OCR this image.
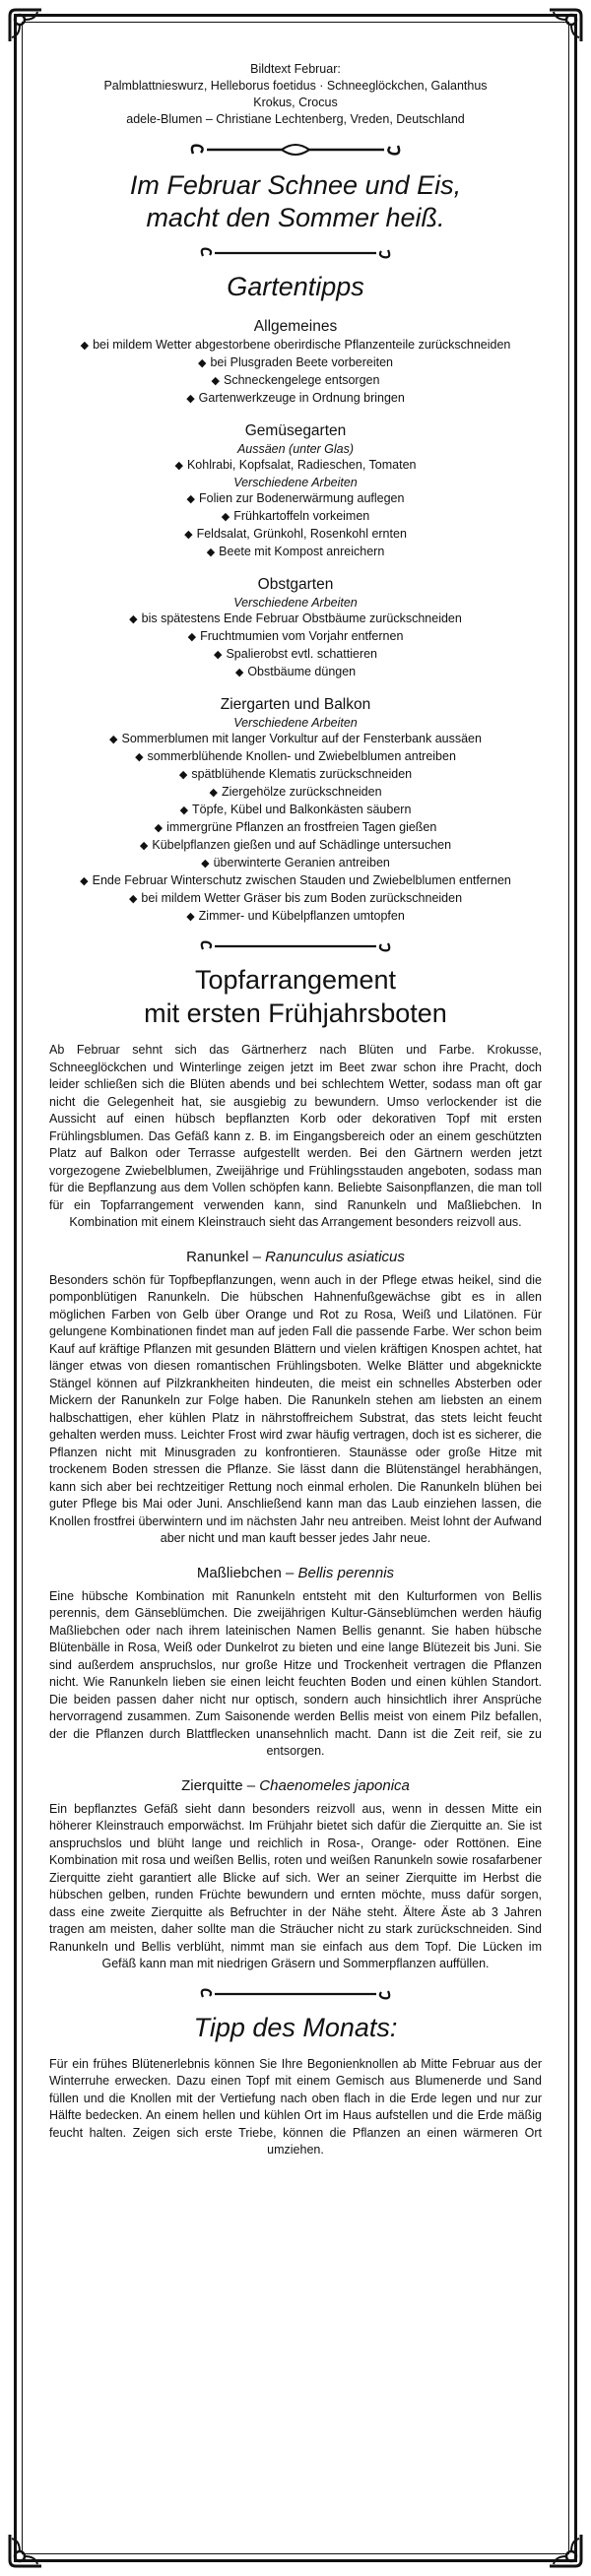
Bildtext Februar:
Palmblattnieswurz, Helleborus foetidus · Schneeglöckchen, Galanthus
Krokus, Crocus
adele-Blumen – Christiane Lechtenberg, Vreden, Deutschland
Im Februar Schnee und Eis,
macht den Sommer heiß.
Gartentipps
Allgemeines
◆ bei mildem Wetter abgestorbene oberirdische Pflanzenteile zurückschneiden
◆ bei Plusgraden Beete vorbereiten
◆ Schneckengelege entsorgen
◆ Gartenwerkzeuge in Ordnung bringen
Gemüsegarten
Aussäen (unter Glas)
◆ Kohlrabi, Kopfsalat, Radieschen, Tomaten
Verschiedene Arbeiten
◆ Folien zur Bodenerwärmung auflegen
◆ Frühkartoffeln vorkeimen
◆ Feldsalat, Grünkohl, Rosenkohl ernten
◆ Beete mit Kompost anreichern
Obstgarten
Verschiedene Arbeiten
◆ bis spätestens Ende Februar Obstbäume zurückschneiden
◆ Fruchtmumien vom Vorjahr entfernen
◆ Spalierobst evtl. schattieren
◆ Obstbäume düngen
Ziergarten und Balkon
Verschiedene Arbeiten
◆ Sommerblumen mit langer Vorkultur auf der Fensterbank aussäen
◆ sommerblühende Knollen- und Zwiebelblumen antreiben
◆ spätblühende Klematis zurückschneiden
◆ Ziergehölze zurückschneiden
◆ Töpfe, Kübel und Balkonkästen säubern
◆ immergrüne Pflanzen an frostfreien Tagen gießen
◆ Kübelpflanzen gießen und auf Schädlinge untersuchen
◆ überwinterte Geranien antreiben
◆ Ende Februar Winterschutz zwischen Stauden und Zwiebelblumen entfernen
◆ bei mildem Wetter Gräser bis zum Boden zurückschneiden
◆ Zimmer- und Kübelpflanzen umtopfen
Topfarrangement
mit ersten Frühjahrsboten
Ab Februar sehnt sich das Gärtnerherz nach Blüten und Farbe. Krokusse, Schneeglöckchen und Winterlinge zeigen jetzt im Beet zwar schon ihre Pracht, doch leider schließen sich die Blüten abends und bei schlechtem Wetter, sodass man oft gar nicht die Gelegenheit hat, sie ausgiebig zu bewundern. Umso verlockender ist die Aussicht auf einen hübsch bepflanzten Korb oder dekorativen Topf mit ersten Frühlingsblumen. Das Gefäß kann z. B. im Eingangsbereich oder an einem geschützten Platz auf Balkon oder Terrasse aufgestellt werden. Bei den Gärtnern werden jetzt vorgezogene Zwiebelblumen, Zweijährige und Frühlingsstauden angeboten, sodass man für die Bepflanzung aus dem Vollen schöpfen kann. Beliebte Saisonpflanzen, die man toll für ein Topfarrangement verwenden kann, sind Ranunkeln und Maßliebchen. In Kombination mit einem Kleinstrauch sieht das Arrangement besonders reizvoll aus.
Ranunkel – Ranunculus asiaticus
Besonders schön für Topfbepflanzungen, wenn auch in der Pflege etwas heikel, sind die pomponblütigen Ranunkeln. Die hübschen Hahnenfußgewächse gibt es in allen möglichen Farben von Gelb über Orange und Rot zu Rosa, Weiß und Lilatönen. Für gelungene Kombinationen findet man auf jeden Fall die passende Farbe. Wer schon beim Kauf auf kräftige Pflanzen mit gesunden Blättern und vielen kräftigen Knospen achtet, hat länger etwas von diesen romantischen Frühlingsboten. Welke Blätter und abgeknickte Stängel können auf Pilzkrankheiten hindeuten, die meist ein schnelles Absterben oder Mickern der Ranunkeln zur Folge haben. Die Ranunkeln stehen am liebsten an einem halbschattigen, eher kühlen Platz in nährstoffreichem Substrat, das stets leicht feucht gehalten werden muss. Leichter Frost wird zwar häufig vertragen, doch ist es sicherer, die Pflanzen nicht mit Minusgraden zu konfrontieren. Staunässe oder große Hitze mit trockenem Boden stressen die Pflanze. Sie lässt dann die Blütenstängel herabhängen, kann sich aber bei rechtzeitiger Rettung noch einmal erholen. Die Ranunkeln blühen bei guter Pflege bis Mai oder Juni. Anschließend kann man das Laub einziehen lassen, die Knollen frostfrei überwintern und im nächsten Jahr neu antreiben. Meist lohnt der Aufwand aber nicht und man kauft besser jedes Jahr neue.
Maßliebchen – Bellis perennis
Eine hübsche Kombination mit Ranunkeln entsteht mit den Kulturformen von Bellis perennis, dem Gänseblümchen. Die zweijährigen Kultur-Gänseblümchen werden häufig Maßliebchen oder nach ihrem lateinischen Namen Bellis genannt. Sie haben hübsche Blütenbälle in Rosa, Weiß oder Dunkelrot zu bieten und eine lange Blütezeit bis Juni. Sie sind außerdem anspruchslos, nur große Hitze und Trockenheit vertragen die Pflanzen nicht. Wie Ranunkeln lieben sie einen leicht feuchten Boden und einen kühlen Standort. Die beiden passen daher nicht nur optisch, sondern auch hinsichtlich ihrer Ansprüche hervorragend zusammen. Zum Saisonende werden Bellis meist von einem Pilz befallen, der die Pflanzen durch Blattflecken unansehnlich macht. Dann ist die Zeit reif, sie zu entsorgen.
Zierquitte – Chaenomeles japonica
Ein bepflanztes Gefäß sieht dann besonders reizvoll aus, wenn in dessen Mitte ein höherer Kleinstrauch emporwächst. Im Frühjahr bietet sich dafür die Zierquitte an. Sie ist anspruchslos und blüht lange und reichlich in Rosa-, Orange- oder Rottönen. Eine Kombination mit rosa und weißen Bellis, roten und weißen Ranunkeln sowie rosafarbener Zierquitte zieht garantiert alle Blicke auf sich. Wer an seiner Zierquitte im Herbst die hübschen gelben, runden Früchte bewundern und ernten möchte, muss dafür sorgen, dass eine zweite Zierquitte als Befruchter in der Nähe steht. Ältere Äste ab 3 Jahren tragen am meisten, daher sollte man die Sträucher nicht zu stark zurückschneiden. Sind Ranunkeln und Bellis verblüht, nimmt man sie einfach aus dem Topf. Die Lücken im Gefäß kann man mit niedrigen Gräsern und Sommerpflanzen auffüllen.
Tipp des Monats:
Für ein frühes Blütenerlebnis können Sie Ihre Begonienknollen ab Mitte Februar aus der Winterruhe erwecken. Dazu einen Topf mit einem Gemisch aus Blumenerde und Sand füllen und die Knollen mit der Vertiefung nach oben flach in die Erde legen und nur zur Hälfte bedecken. An einem hellen und kühlen Ort im Haus aufstellen und die Erde mäßig feucht halten. Zeigen sich erste Triebe, können die Pflanzen an einen wärmeren Ort umziehen.
